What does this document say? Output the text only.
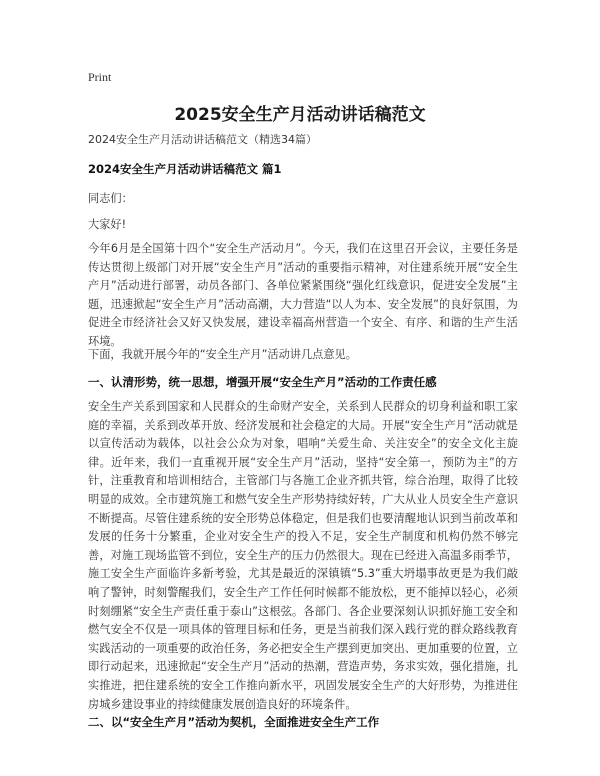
Print
2025安全生产月活动讲话稿范文
2024安全生产月活动讲话稿范文（精选34篇）
2024安全生产月活动讲话稿范文 篇1
同志们：
大家好!
今年6月是全国第十四个“安全生产活动月”。今天，我们在这里召开会议，主要任务是传达贯彻上级部门对开展“安全生产月”活动的重要指示精神，对住建系统开展“安全生产月”活动进行部署，动员各部门、各单位紧紧围绕“强化红线意识，促进安全发展”主题，迅速掀起“安全生产月”活动高潮，大力营造“以人为本、安全发展”的良好氛围，为促进全市经济社会又好又快发展，建设幸福高州营造一个安全、有序、和谐的生产生活环境。
下面，我就开展今年的“安全生产月”活动讲几点意见。
一、认清形势，统一思想，增强开展“安全生产月”活动的工作责任感
安全生产关系到国家和人民群众的生命财产安全，关系到人民群众的切身利益和职工家庭的幸福，关系到改革开放、经济发展和社会稳定的大局。开展“安全生产月”活动就是以宣传活动为载体，以社会公众为对象，唱响“关爱生命、关注安全”的安全文化主旋律。近年来，我们一直重视开展“安全生产月”活动，坚持“安全第一，预防为主”的方针，注重教育和培训相结合，主管部门与各施工企业齐抓共管，综合治理，取得了比较明显的成效。全市建筑施工和燃气安全生产形势持续好转，广大从业人员安全生产意识不断提高。尽管住建系统的安全形势总体稳定，但是我们也要清醒地认识到当前改革和发展的任务十分繁重，企业对安全生产的投入不足，安全生产制度和机构仍然不够完善，对施工现场监管不到位，安全生产的压力仍然很大。现在已经进入高温多雨季节，施工安全生产面临许多新考验，尤其是最近的深镇镇“5.3”重大坍塌事故更是为我们敲响了警钟，时刻警醒我们，安全生产工作任何时候都不能放松，更不能掉以轻心，必须时刻绷紧“安全生产责任重于泰山”这根弦。各部门、各企业要深刻认识抓好施工安全和燃气安全不仅是一项具体的管理目标和任务，更是当前我们深入践行党的群众路线教育实践活动的一项重要的政治任务，务必把安全生产摆到更加突出、更加重要的位置，立即行动起来，迅速掀起“安全生产月”活动的热潮，营造声势，务求实效，强化措施，扎实推进，把住建系统的安全工作推向新水平，巩固发展安全生产的大好形势，为推进住房城乡建设事业的持续健康发展创造良好的环境条件。
二、以“安全生产月”活动为契机，全面推进安全生产工作
